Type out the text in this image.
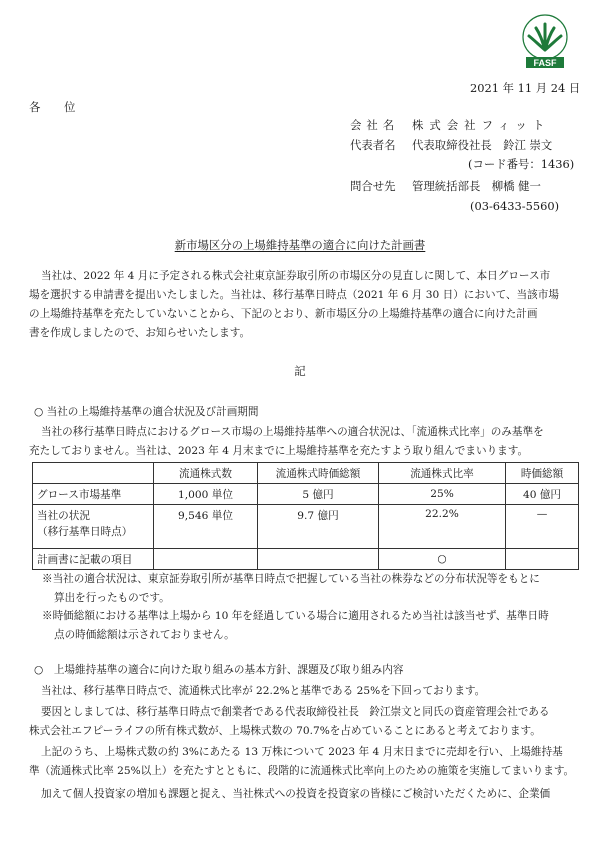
FASF
2021 年 11 月 24 日
各 位
会社名 株式会社フィット
代表者名 代表取締役社長　鈴江 崇文
(コード番号：1436)
問合せ先 管理統括部長　柳橋 健一
(03-6433-5560)
新市場区分の上場維持基準の適合に向けた計画書
当社は、2022 年 4 月に予定される株式会社東京証券取引所の市場区分の見直しに関して、本日グロース市
場を選択する申請書を提出いたしました。当社は、移行基準日時点（2021 年 6 月 30 日）において、当該市場
の上場維持基準を充たしていないことから、下記のとおり、新市場区分の上場維持基準の適合に向けた計画
書を作成しましたので、お知らせいたします。
記
○ 当社の上場維持基準の適合状況及び計画期間
当社の移行基準日時点におけるグロース市場の上場維持基準への適合状況は、「流通株式比率」のみ基準を
充たしておりません。当社は、2023 年 4 月末までに上場維持基準を充たすよう取り組んでまいります。
	流通株式数	流通株式時価総額	流通株式比率	時価総額
グロース市場基準	1,000 単位	5 億円	25%	40 億円

当社の状況
（移行基準日時点）	9,546 単位	9.7 億円	22.2%	—
計画書に記載の項目			○	
※当社の適合状況は、東京証券取引所が基準日時点で把握している当社の株券などの分布状況等をもとに
算出を行ったものです。
※時価総額における基準は上場から 10 年を経過している場合に適用されるため当社は該当せず、基準日時
点の時価総額は示されておりません。
○　上場維持基準の適合に向けた取り組みの基本方針、課題及び取り組み内容
当社は、移行基準日時点で、流通株式比率が 22.2%と基準である 25%を下回っております。
要因としましては、移行基準日時点で創業者である代表取締役社長　鈴江崇文と同氏の資産管理会社である
株式会社エフピーライフの所有株式数が、上場株式数の 70.7%を占めていることにあると考えております。
上記のうち、上場株式数の約 3%にあたる 13 万株について 2023 年 4 月末日までに売却を行い、上場維持基
準（流通株式比率 25%以上）を充たすとともに、段階的に流通株式比率向上のための施策を実施してまいります。
加えて個人投資家の増加も課題と捉え、当社株式への投資を投資家の皆様にご検討いただくために、企業価
